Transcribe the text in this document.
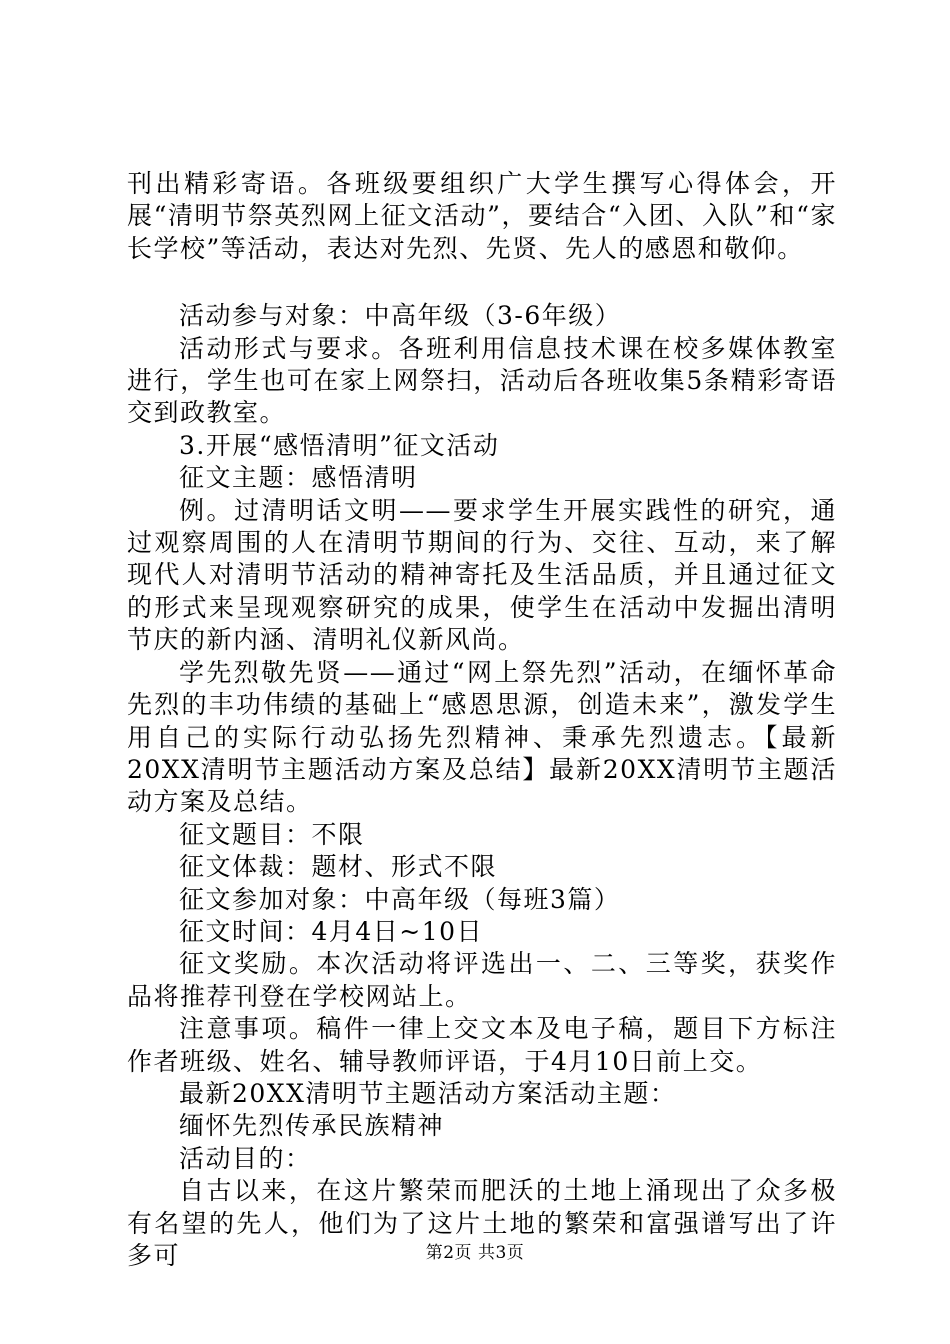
刊出精彩寄语。各班级要组织广大学生撰写心得体会，开展“清明节祭英烈网上征文活动”，要结合“入团、入队”和“家长学校”等活动，表达对先烈、先贤、先人的感恩和敬仰。

活动参与对象：中高年级（3-6年级）

活动形式与要求。各班利用信息技术课在校多媒体教室进行，学生也可在家上网祭扫，活动后各班收集5条精彩寄语交到政教室。

3.开展“感悟清明”征文活动

征文主题：感悟清明

例。过清明话文明——要求学生开展实践性的研究，通过观察周围的人在清明节期间的行为、交往、互动，来了解现代人对清明节活动的精神寄托及生活品质，并且通过征文的形式来呈现观察研究的成果，使学生在活动中发掘出清明节庆的新内涵、清明礼仪新风尚。

学先烈敬先贤——通过“网上祭先烈”活动，在缅怀革命先烈的丰功伟绩的基础上“感恩思源，创造未来”，激发学生用自己的实际行动弘扬先烈精神、秉承先烈遗志。【最新20XX清明节主题活动方案及总结】最新20XX清明节主题活动方案及总结。

征文题目：不限

征文体裁：题材、形式不限

征文参加对象：中高年级（每班3篇）

征文时间：4月4日~10日

征文奖励。本次活动将评选出一、二、三等奖，获奖作品将推荐刊登在学校网站上。

注意事项。稿件一律上交文本及电子稿，题目下方标注作者班级、姓名、辅导教师评语，于4月10日前上交。

最新20XX清明节主题活动方案活动主题：

缅怀先烈传承民族精神

活动目的：

自古以来，在这片繁荣而肥沃的土地上涌现出了众多极有名望的先人，他们为了这片土地的繁荣和富强谱写出了许多可	第2页 共3页
